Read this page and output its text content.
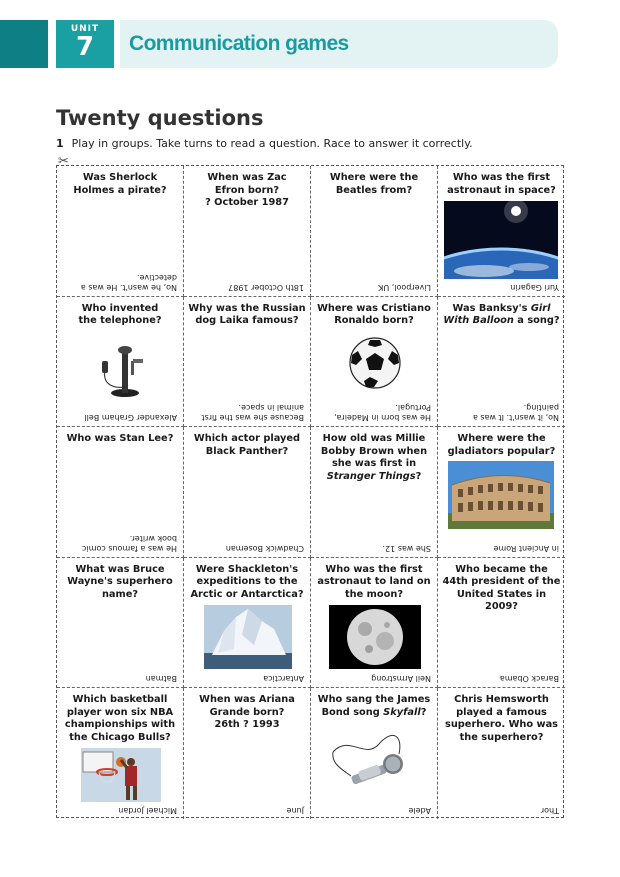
UNIT
7	Communication games
Twenty questions
1 Play in groups. Take turns to read a question. Race to answer it correctly.
✂
Was Sherlock Holmes a pirate?
No, he wasn't. He was a detective.
When was Zac Efron born?
? October 1987
18th October 1987
Where were the Beatles from?
Liverpool, UK
Who was the first astronaut in space?
Yuri Gagarin
Who invented the telephone?
Alexander Graham Bell
Why was the Russian dog Laika famous?
Because she was the first animal in space.
Where was Cristiano Ronaldo born?
He was born in Madeira, Portugal.
Was Banksy's Girl With Balloon a song?
No, it wasn't. It was a painting.
Who was Stan Lee?
He was a famous comic book writer.
Which actor played Black Panther?
Chadwick Boseman
How old was Millie Bobby Brown when she was first in Stranger Things?
She was 12.
Where were the gladiators popular?
in Ancient Rome
What was Bruce Wayne's superhero name?
Batman
Were Shackleton's expeditions to the Arctic or Antarctica?
Antarctica
Who was the first astronaut to land on the moon?
Neil Armstrong
Who became the 44th president of the United States in 2009?
Barack Obama
Which basketball player won six NBA championships with the Chicago Bulls?
Michael Jordan
When was Ariana Grande born?
26th ? 1993
June
Who sang the James Bond song Skyfall?
Adele
Chris Hemsworth played a famous superhero. Who was the superhero?
Thor
